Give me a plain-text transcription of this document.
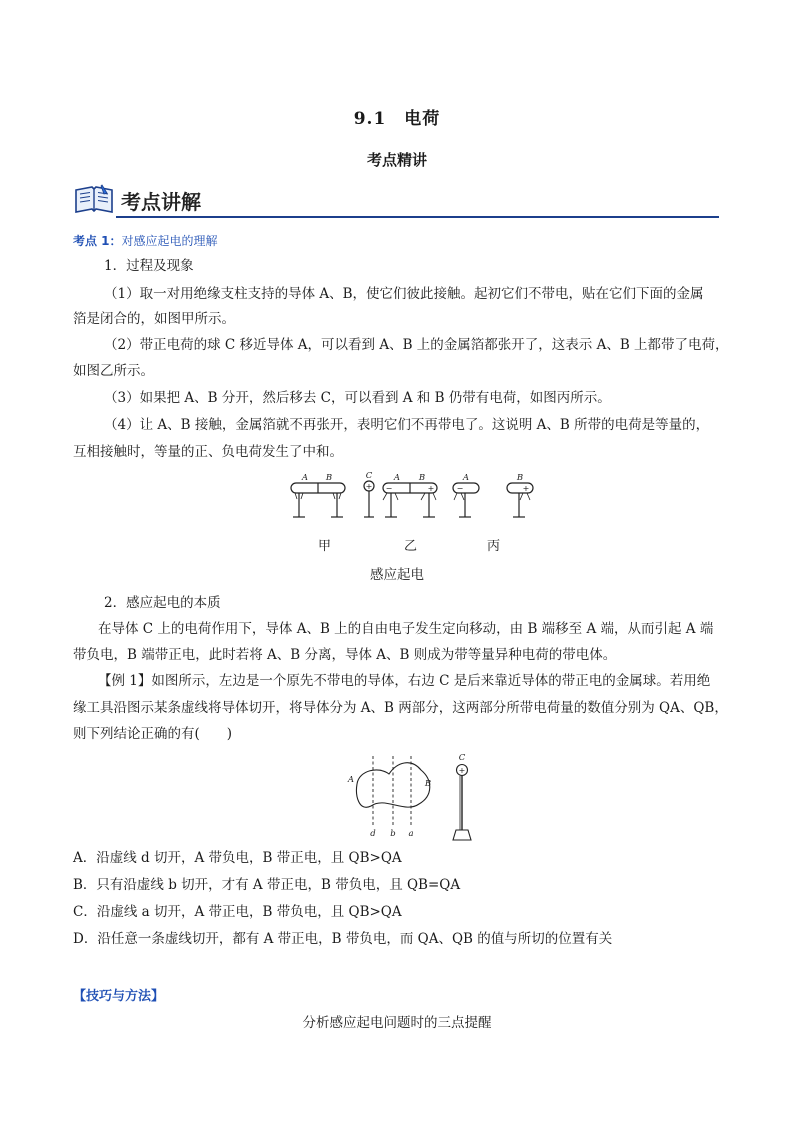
9.1　电荷
考点精讲
考点讲解
考点 1：对感应起电的理解
1．过程及现象
（1）取一对用绝缘支柱支持的导体 A、B，使它们彼此接触。起初它们不带电，贴在它们下面的金属
箔是闭合的，如图甲所示。
（2）带正电荷的球 C 移近导体 A，可以看到 A、B 上的金属箔都张开了，这表示 A、B 上都带了电荷，
如图乙所示。
（3）如果把 A、B 分开，然后移去 C，可以看到 A 和 B 仍带有电荷，如图丙所示。
（4）让 A、B 接触，金属箔就不再张开，表明它们不再带电了。这说明 A、B 所带的电荷是等量的，
互相接触时，等量的正、负电荷发生了中和。
A B	C	A B	A	B
+ −	+	−	+
甲	乙	丙
感应起电
2．感应起电的本质
在导体 C 上的电荷作用下，导体 A、B 上的自由电子发生定向移动，由 B 端移至 A 端，从而引起 A 端
带负电，B 端带正电，此时若将 A、B 分离，导体 A、B 则成为带等量异种电荷的带电体。
【例 1】如图所示，左边是一个原先不带电的导体，右边 C 是后来靠近导体的带正电的金属球。若用绝
缘工具沿图示某条虚线将导体切开，将导体分为 A、B 两部分，这两部分所带电荷量的数值分别为 QA、QB，
则下列结论正确的有(　　)
A	B
C
d b a
+
A．沿虚线 d 切开，A 带负电，B 带正电，且 QB>QA
B．只有沿虚线 b 切开，才有 A 带正电，B 带负电，且 QB=QA
C．沿虚线 a 切开，A 带正电，B 带负电，且 QB>QA
D．沿任意一条虚线切开，都有 A 带正电，B 带负电，而 QA、QB 的值与所切的位置有关
【技巧与方法】
分析感应起电问题时的三点提醒
